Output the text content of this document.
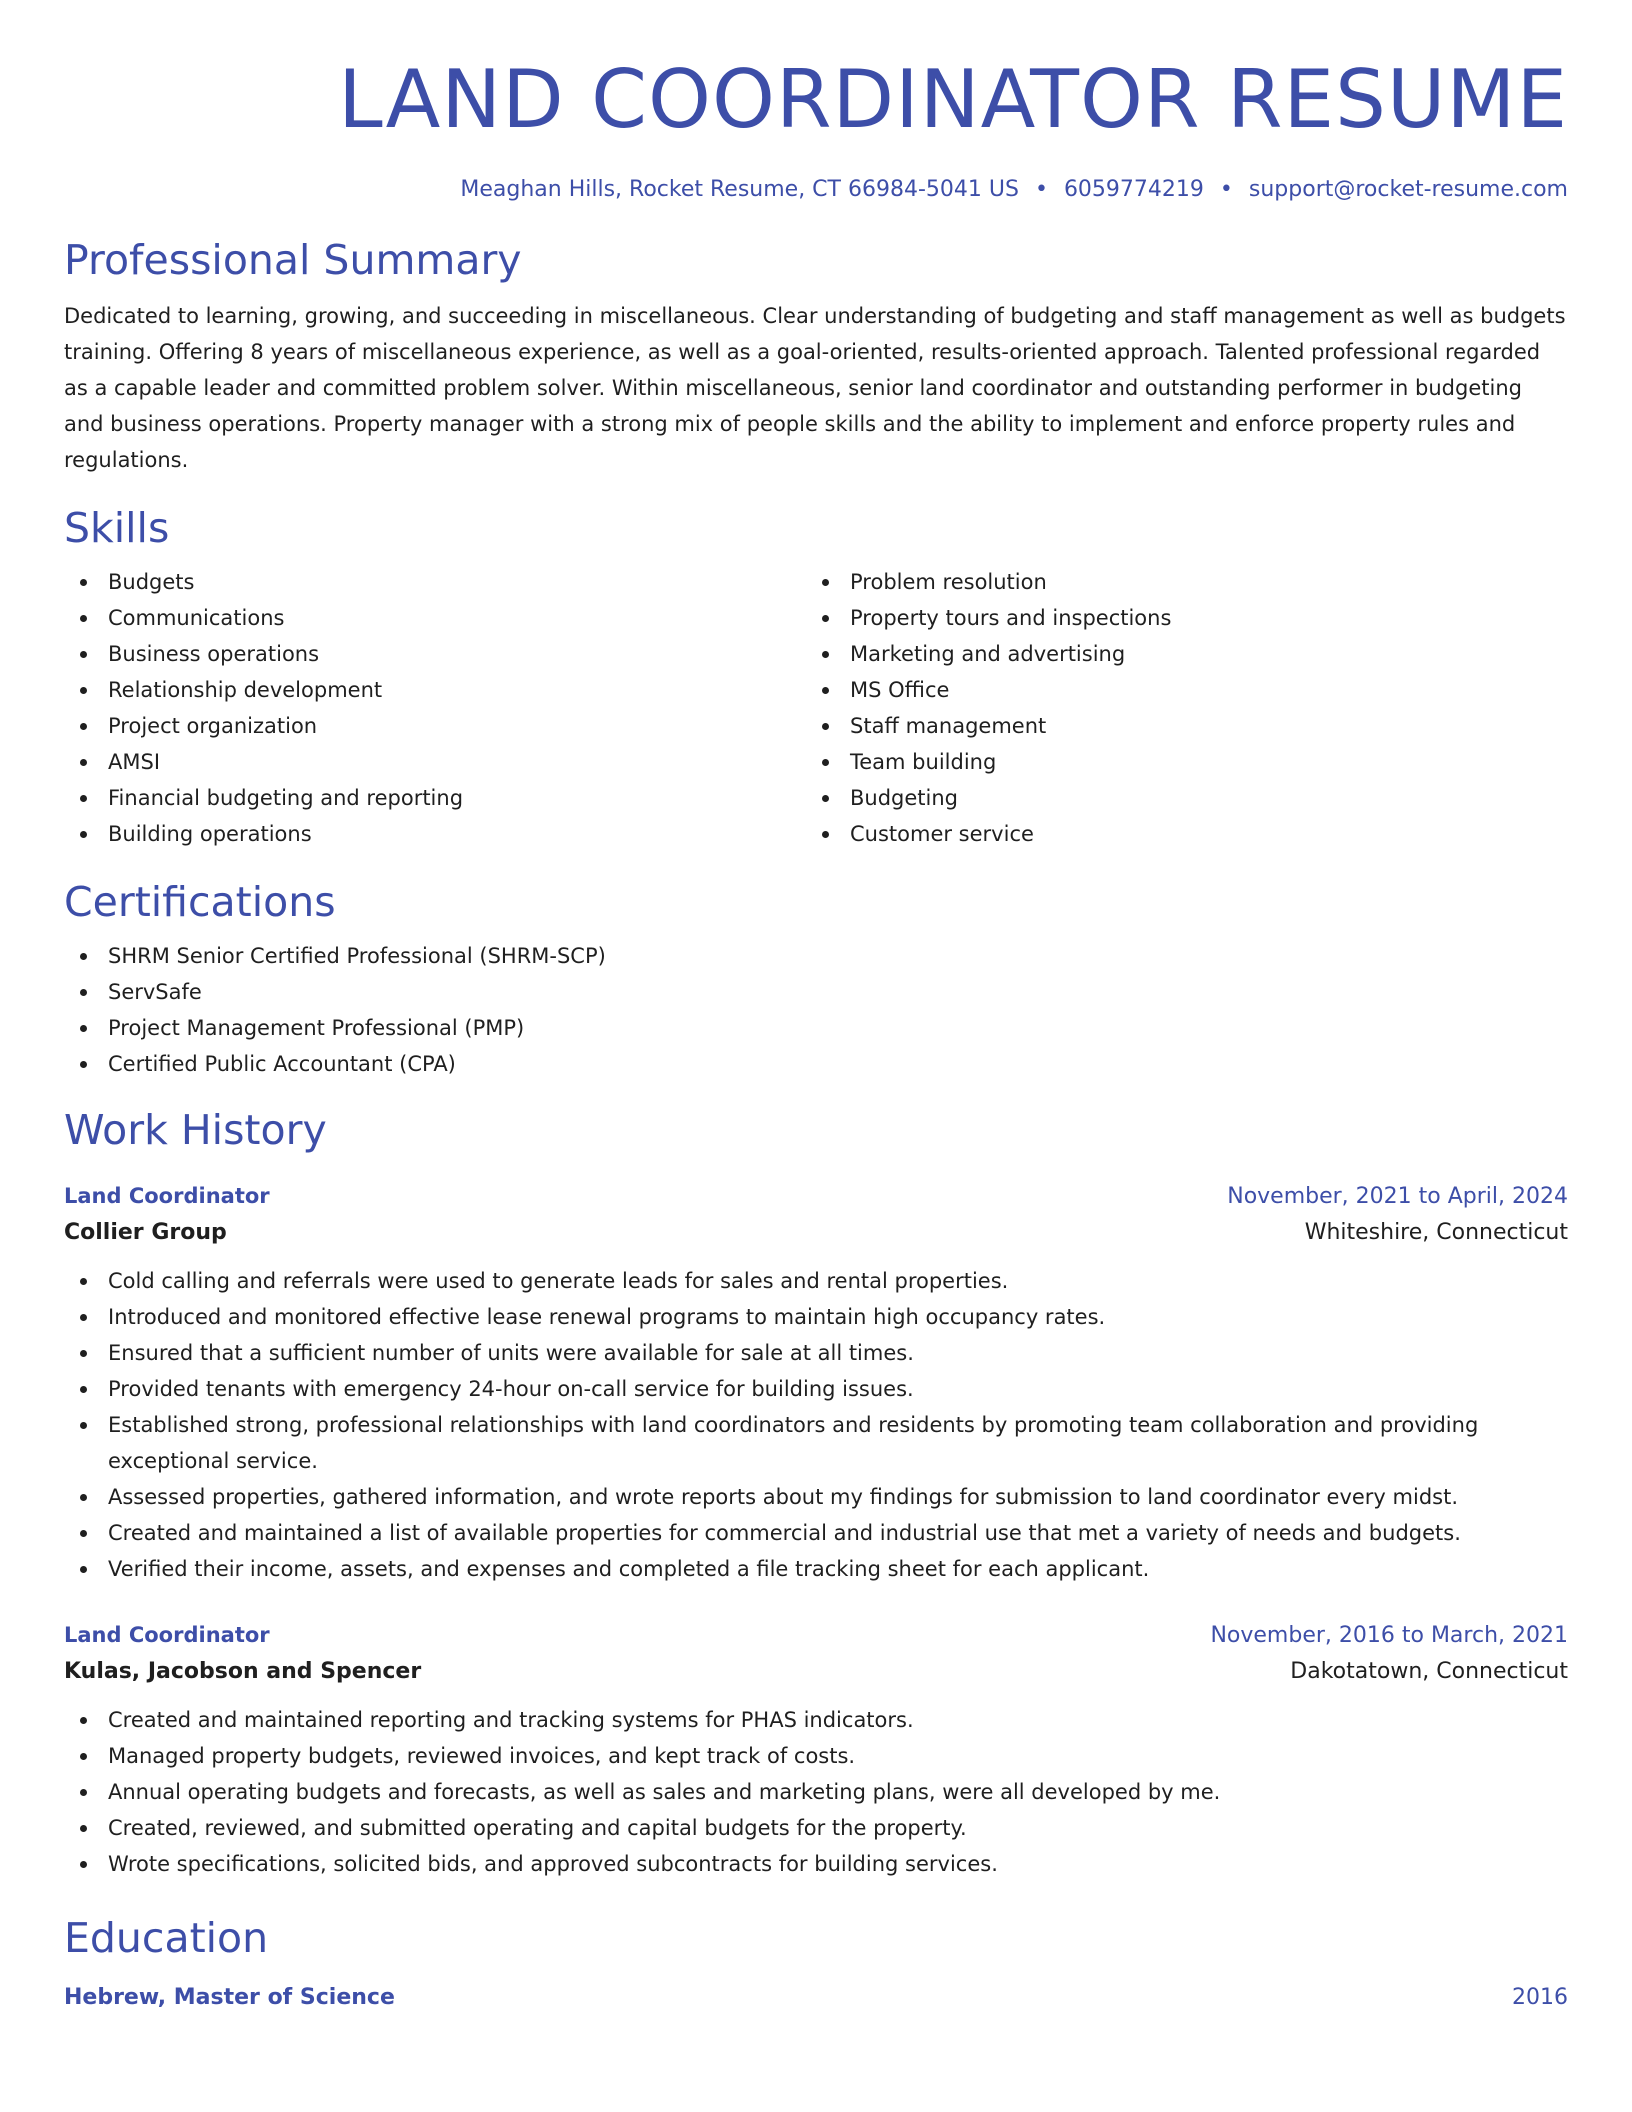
LAND COORDINATOR RESUME
Meaghan Hills, Rocket Resume, CT 66984-5041 US • 6059774219 • support@rocket-resume.com
Professional Summary
Dedicated to learning, growing, and succeeding in miscellaneous. Clear understanding of budgeting and staff management as well as budgets training. Offering 8 years of miscellaneous experience, as well as a goal-oriented, results-oriented approach. Talented professional regarded as a capable leader and committed problem solver. Within miscellaneous, senior land coordinator and outstanding performer in budgeting and business operations. Property manager with a strong mix of people skills and the ability to implement and enforce property rules and regulations.
Skills
Budgets
Communications
Business operations
Relationship development
Project organization
AMSI
Financial budgeting and reporting
Building operations
Problem resolution
Property tours and inspections
Marketing and advertising
MS Office
Staff management
Team building
Budgeting
Customer service
Certifications
SHRM Senior Certified Professional (SHRM-SCP)
ServSafe
Project Management Professional (PMP)
Certified Public Accountant (CPA)
Work History
Land Coordinator	November, 2021 to April, 2024
Collier Group	Whiteshire, Connecticut
Cold calling and referrals were used to generate leads for sales and rental properties.
Introduced and monitored effective lease renewal programs to maintain high occupancy rates.
Ensured that a sufficient number of units were available for sale at all times.
Provided tenants with emergency 24-hour on-call service for building issues.
Established strong, professional relationships with land coordinators and residents by promoting team collaboration and providing exceptional service.
Assessed properties, gathered information, and wrote reports about my findings for submission to land coordinator every midst.
Created and maintained a list of available properties for commercial and industrial use that met a variety of needs and budgets.
Verified their income, assets, and expenses and completed a file tracking sheet for each applicant.
Land Coordinator	November, 2016 to March, 2021
Kulas, Jacobson and Spencer	Dakotatown, Connecticut
Created and maintained reporting and tracking systems for PHAS indicators.
Managed property budgets, reviewed invoices, and kept track of costs.
Annual operating budgets and forecasts, as well as sales and marketing plans, were all developed by me.
Created, reviewed, and submitted operating and capital budgets for the property.
Wrote specifications, solicited bids, and approved subcontracts for building services.
Education
Hebrew, Master of Science	2016
